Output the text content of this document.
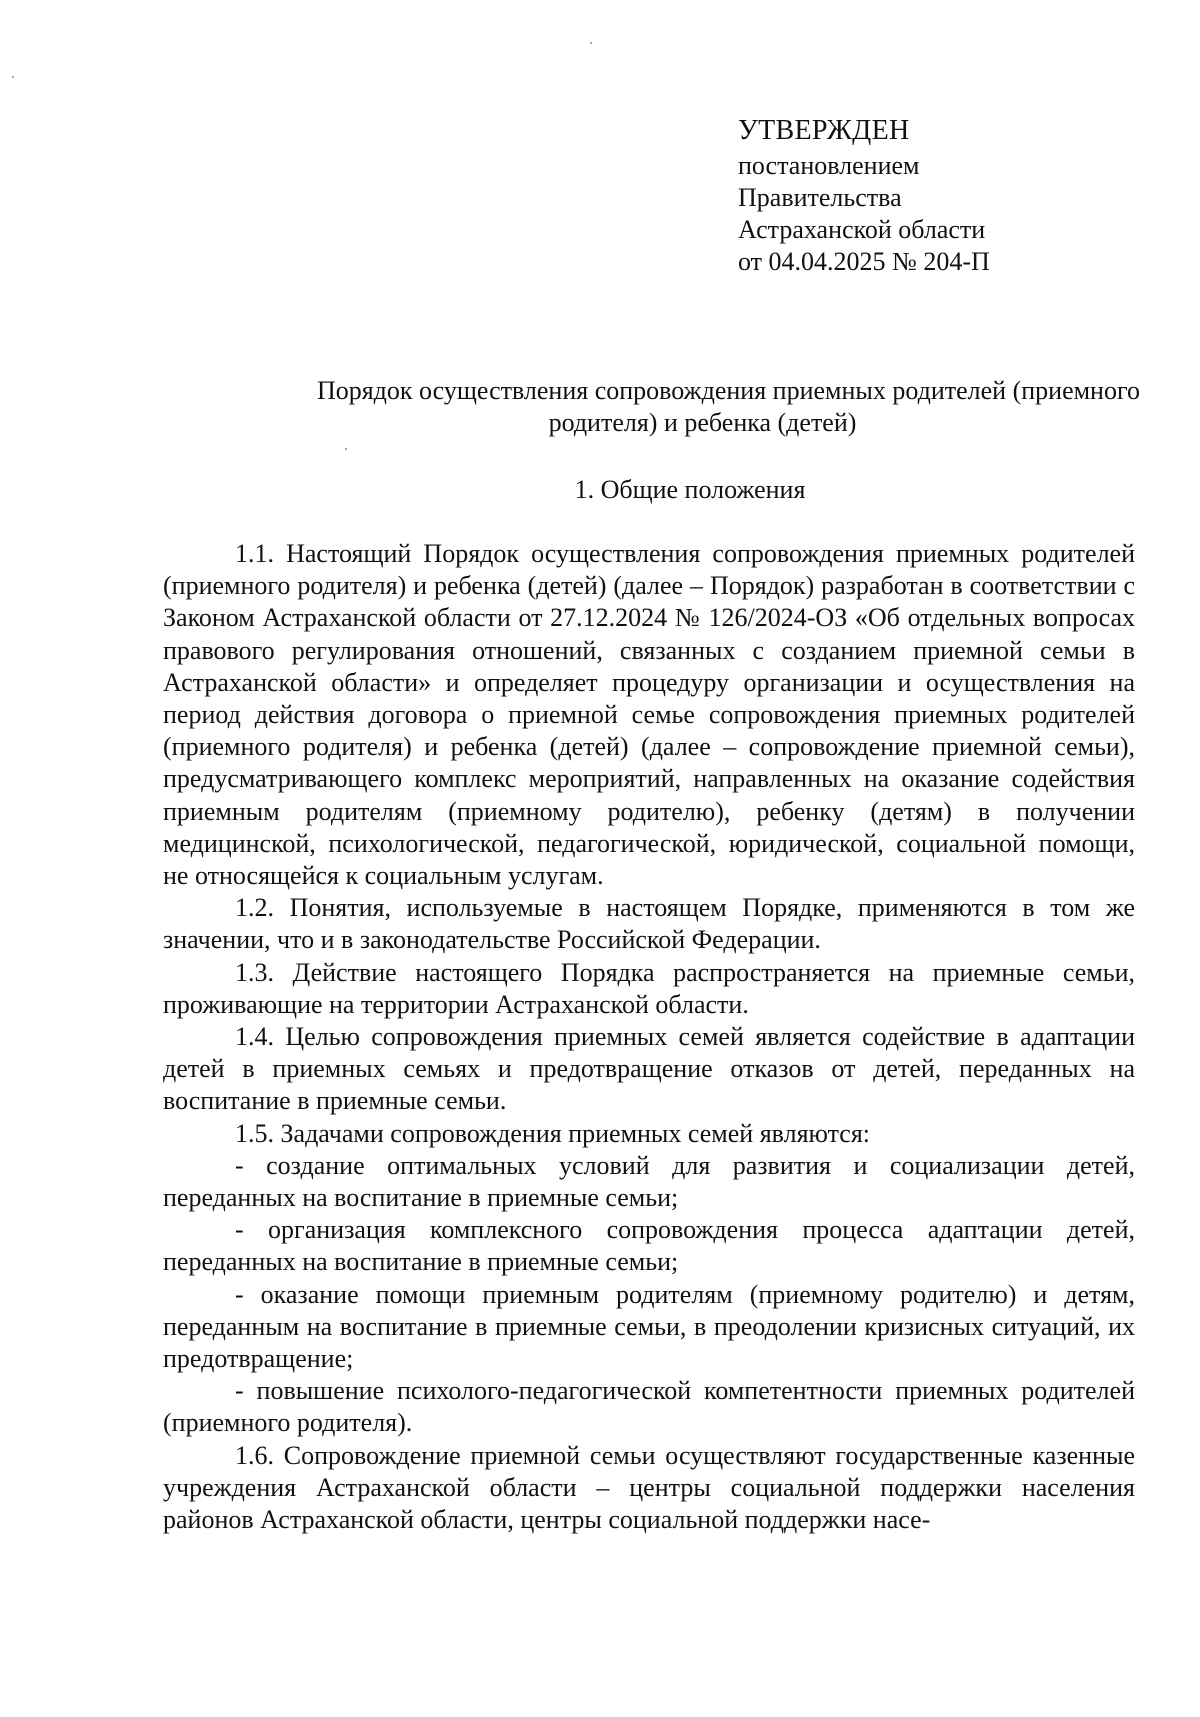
УТВЕРЖДЕН
постановлением
Правительства
Астраханской области
от 04.04.2025 № 204-П
Порядок осуществления сопровождения приемных родителей (приемного
родителя) и ребенка (детей)
1. Общие положения

1.1. Настоящий Порядок осуществления сопровождения приемных родителей (приемного родителя) и ребенка (детей) (далее – Порядок) разработан в соответствии с Законом Астраханской области от 27.12.2024 № 126/2024-ОЗ «Об отдельных вопросах правового регулирования отношений, связанных с созданием приемной семьи в Астраханской области» и определяет процедуру организации и осуществления на период действия договора о приемной семье сопровождения приемных родителей (приемного родителя) и ребенка (детей) (далее – сопровождение приемной семьи), предусматривающего комплекс мероприятий, направленных на оказание содействия приемным родителям (приемному родителю), ребенку (детям) в получении медицинской, психологической, педагогической, юридической, социальной помощи, не относящейся к социальным услугам.

1.2. Понятия, используемые в настоящем Порядке, применяются в том же значении, что и в законодательстве Российской Федерации.

1.3. Действие настоящего Порядка распространяется на приемные семьи, проживающие на территории Астраханской области.

1.4. Целью сопровождения приемных семей является содействие в адаптации детей в приемных семьях и предотвращение отказов от детей, переданных на воспитание в приемные семьи.

1.5. Задачами сопровождения приемных семей являются:

- создание оптимальных условий для развития и социализации детей, переданных на воспитание в приемные семьи;

- организация комплексного сопровождения процесса адаптации детей, переданных на воспитание в приемные семьи;

- оказание помощи приемным родителям (приемному родителю) и детям, переданным на воспитание в приемные семьи, в преодолении кризисных ситуаций, их предотвращение;

- повышение психолого-педагогической компетентности приемных родителей (приемного родителя).

1.6. Сопровождение приемной семьи осуществляют государственные казенные учреждения Астраханской области – центры социальной поддержки населения районов Астраханской области, центры социальной поддержки насе-
